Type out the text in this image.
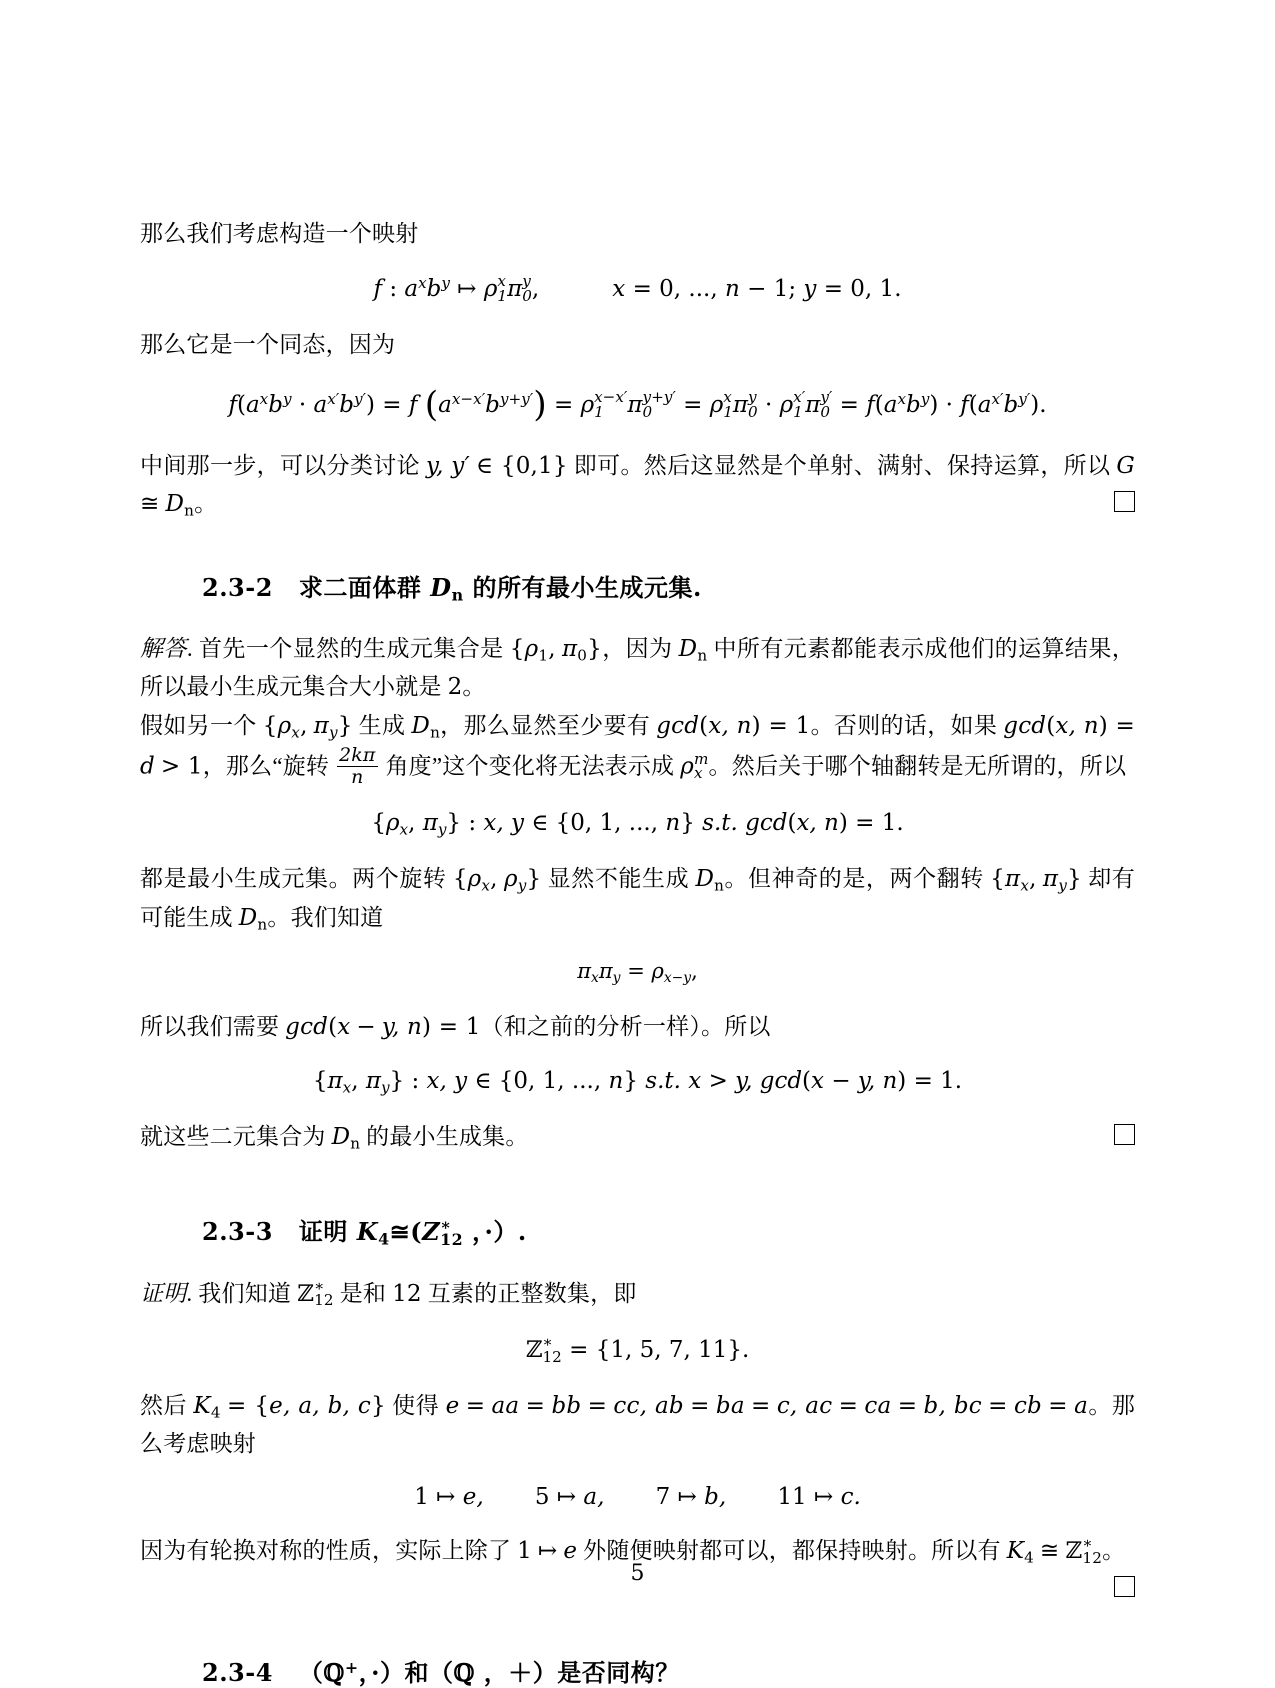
那么我们考虑构造一个映射

f : $a^xb^y$ ↦ ρ x
1 π y
0 ,	x = 0, ..., n − 1; y = 0, 1.

那么它是一个同态，因为

$f(a^xb^y \cdot a^{x'}b^{y'}) = f$ $(a^{x-x'}b^{y+y'}) = \rho$ x−x′
1	π y+y′
0	= ρ x
1 π y
0 · ρ x′
1 π y′
$0 = f(a^xb^y) \cdot f(a^{x'}b^{y'})$.

中间那一步，可以分类讨论 y, y′ ∈ {0,1} 即可。然后这显然是个单射、满射、保持运算，所以 G ≅ $D_n$。

2.3-2 求二面体群 $D_n$ 的所有最小生成元集.

解答. 首先一个显然的生成元集合是 {$\rho_1$, $\pi_0$}，因为 $D_n$ 中所有元素都能表示成他们的运算结果，所以最小生成元集合大小就是 2。

假如另一个 {$\rho_x$, $\pi_y$} 生成 $D_n$，那么显然至少要有 gcd(x, n) = 1。否则的话，如果 gcd(x, n) = d > 1，那么“旋转 $\frac{2k\pi}{n}$ 角度”这个变化将无法表示成 ρ m
x 。然后关于哪个轴翻转是无所谓的，所以

{$\rho_x$, $\pi_y$} : x, y ∈ {0, 1, ..., n} s.t. gcd(x, n) = 1.

都是最小生成元集。两个旋转 {$\rho_x$, $\rho_y$} 显然不能生成 $D_n$。但神奇的是，两个翻转 {$\pi_x$, $\pi_y$} 却有可能生成 $D_n$。我们知道

$\pi_x\pi_y = \rho_{x-y}$,

所以我们需要 gcd(x − y, n) = 1（和之前的分析一样）。所以

{$\pi_x$, $\pi_y$} : x, y ∈ {0, 1, ..., n} s.t. x > y, gcd(x − y, n) = 1.

就这些二元集合为 $D_n$ 的最小生成集。

2.3-3 证明 $K_4≅(Z$ ∗
12 ，·）.

证明. 我们知道 ℤ ∗
12 是和 12 互素的正整数集，即

ℤ ∗
12 = {1, 5, 7, 11}.

然后 $K_4 = \{e$, a, b, c} 使得 e = aa = bb = cc, ab = ba = c, ac = ca = b, bc = cb = a。那么考虑映射

1 ↦ e, 5 ↦ a, 7 ↦ b, 11 ↦ c.

因为有轮换对称的性质，实际上除了 1 ↦ e 外随便映射都可以，都保持映射。所以有 $K_4$ ≅ ℤ ∗
12 。

2.3-4 （ℚ+，·）和（ℚ ，＋）是否同构？
5
